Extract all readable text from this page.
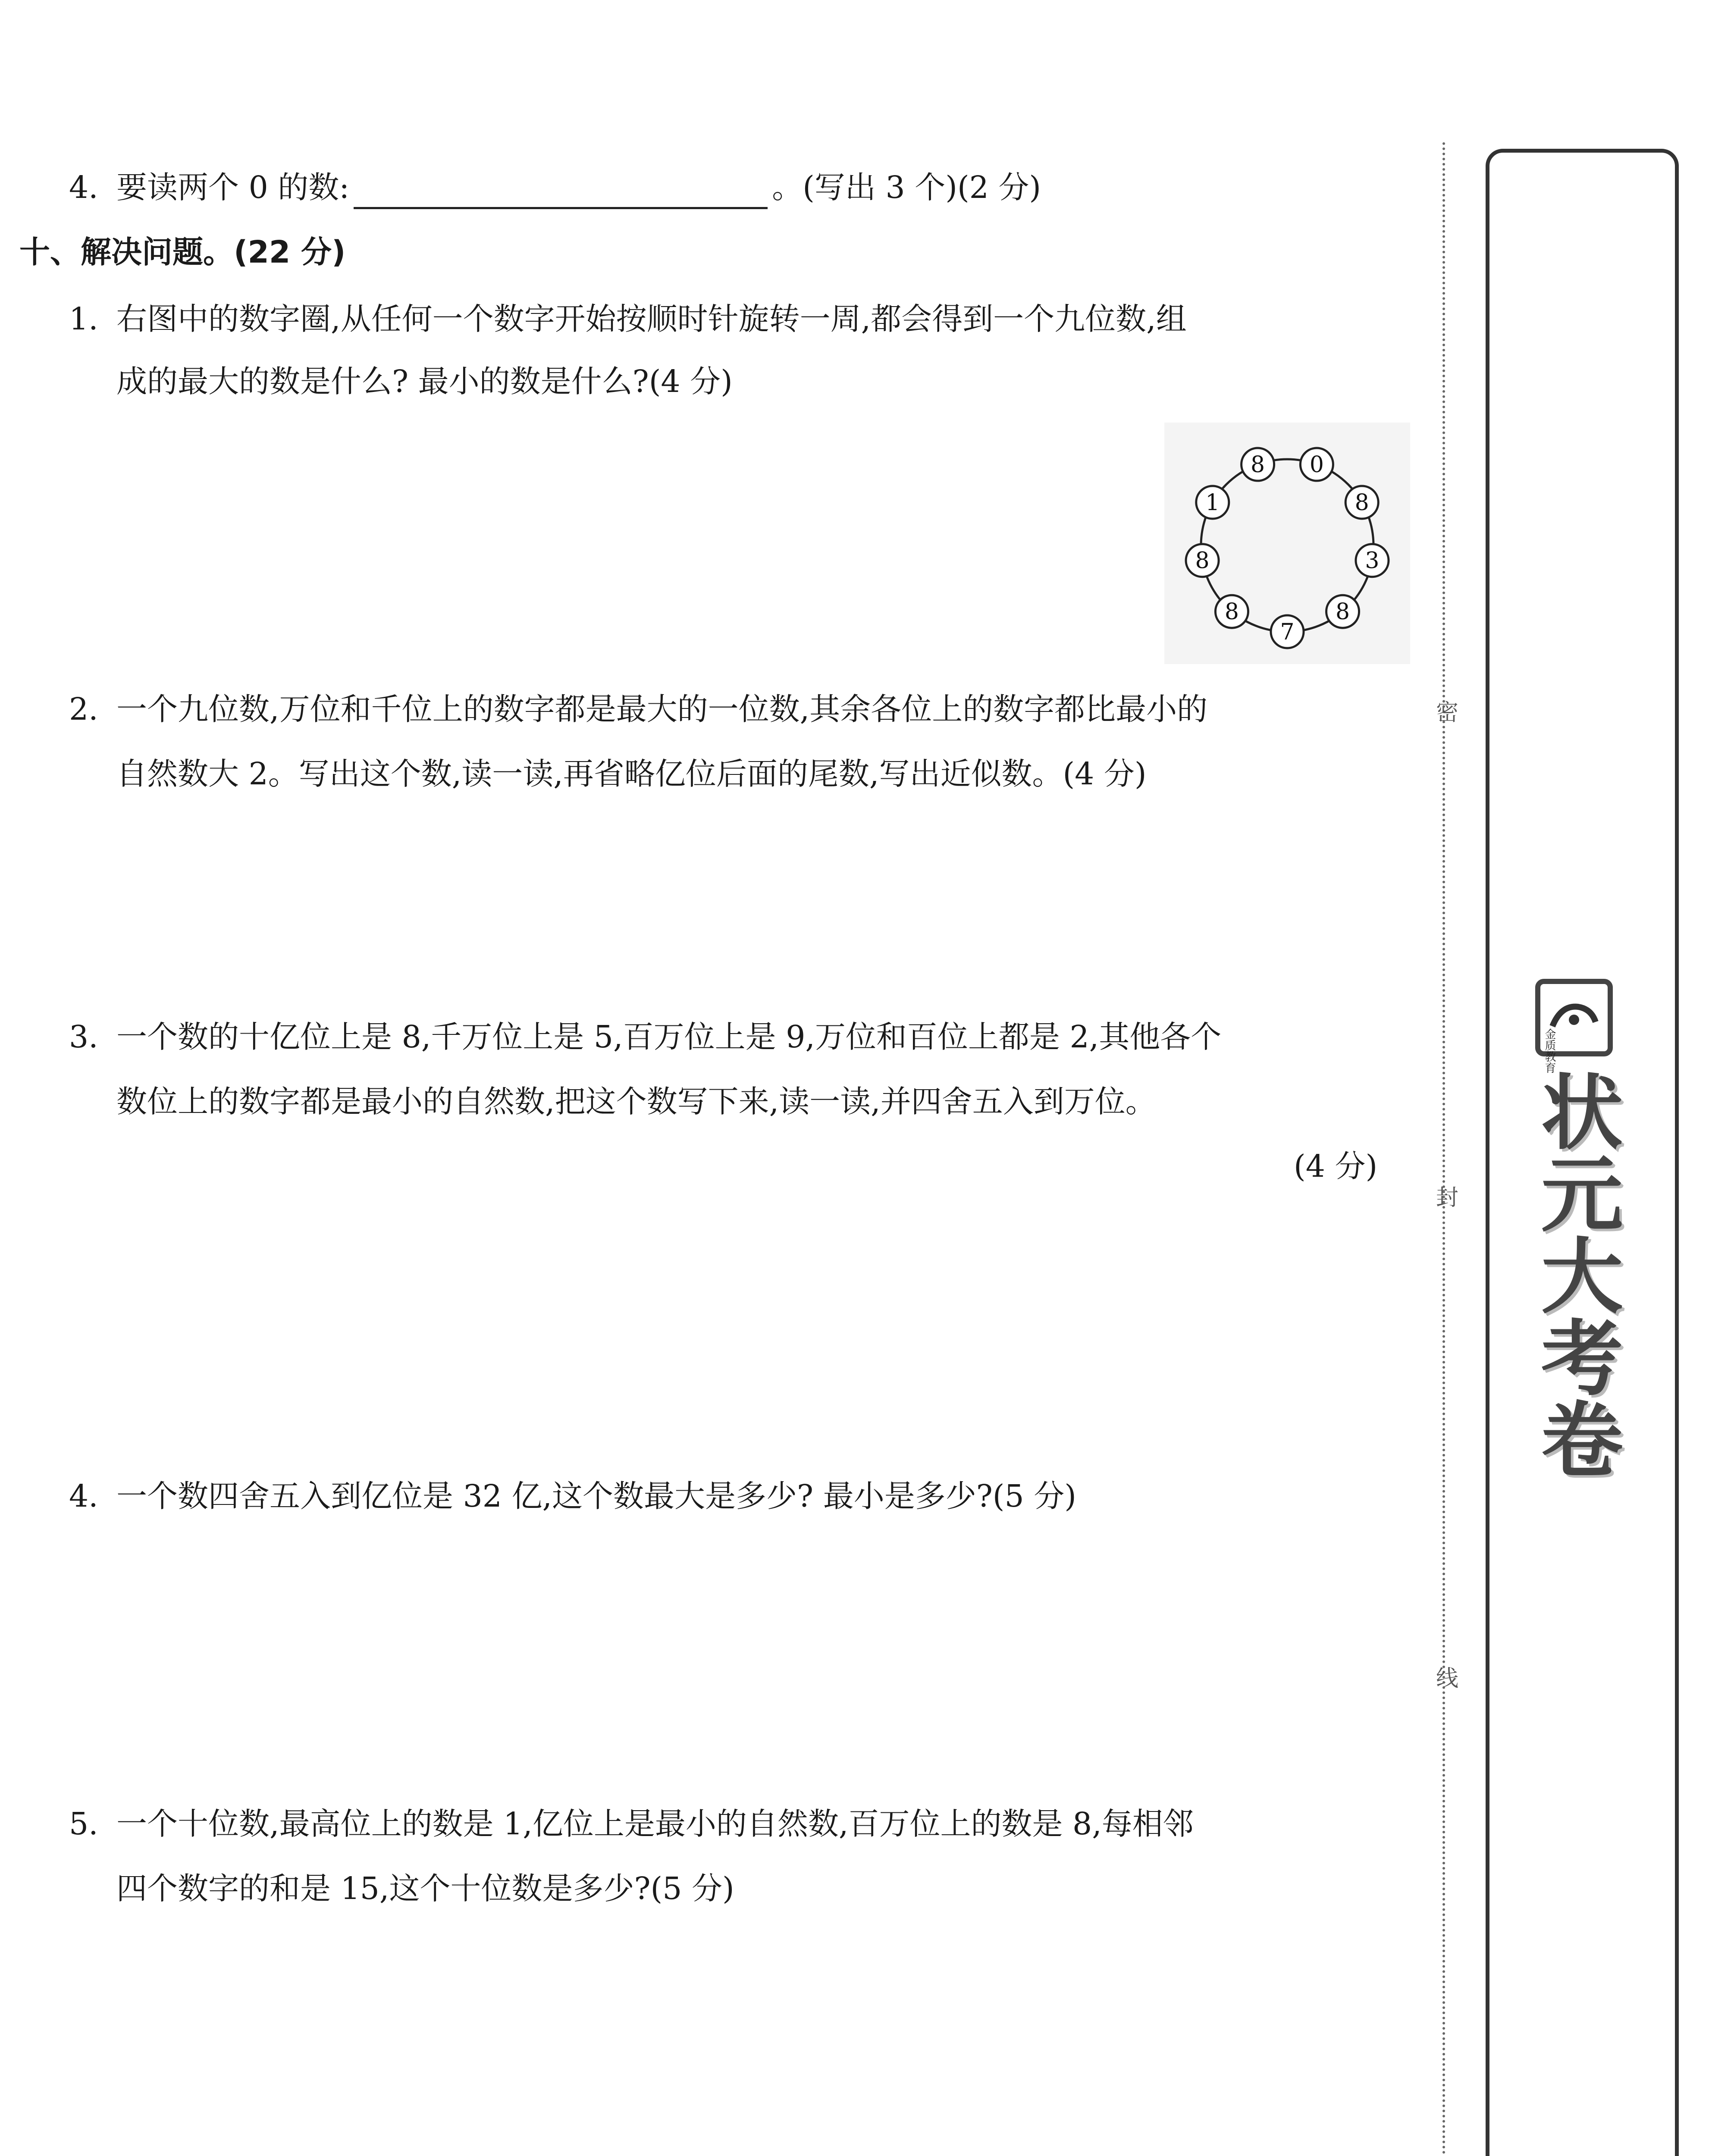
4. 要读两个 0 的数:	。(写出 3 个)(2 分)
十、解决问题。(22 分)
1. 右图中的数字圈,从任何一个数字开始按顺时针旋转一周,都会得到一个九位数,组
成的最大的数是什么? 最小的数是什么?(4 分)
8 0
8
3
8
7
8
8
1
2. 一个九位数,万位和千位上的数字都是最大的一位数,其余各位上的数字都比最小的
自然数大 2。写出这个数,读一读,再省略亿位后面的尾数,写出近似数。(4 分)
3. 一个数的十亿位上是 8,千万位上是 5,百万位上是 9,万位和百位上都是 2,其他各个
数位上的数字都是最小的自然数,把这个数写下来,读一读,并四舍五入到万位。
(4 分)
4. 一个数四舍五入到亿位是 32 亿,这个数最大是多少? 最小是多少?(5 分)
5. 一个十位数,最高位上的数是 1,亿位上是最小的自然数,百万位上的数是 8,每相邻
四个数字的和是 15,这个十位数是多少?(5 分)
密
封
线
金质教育
状元大考卷
